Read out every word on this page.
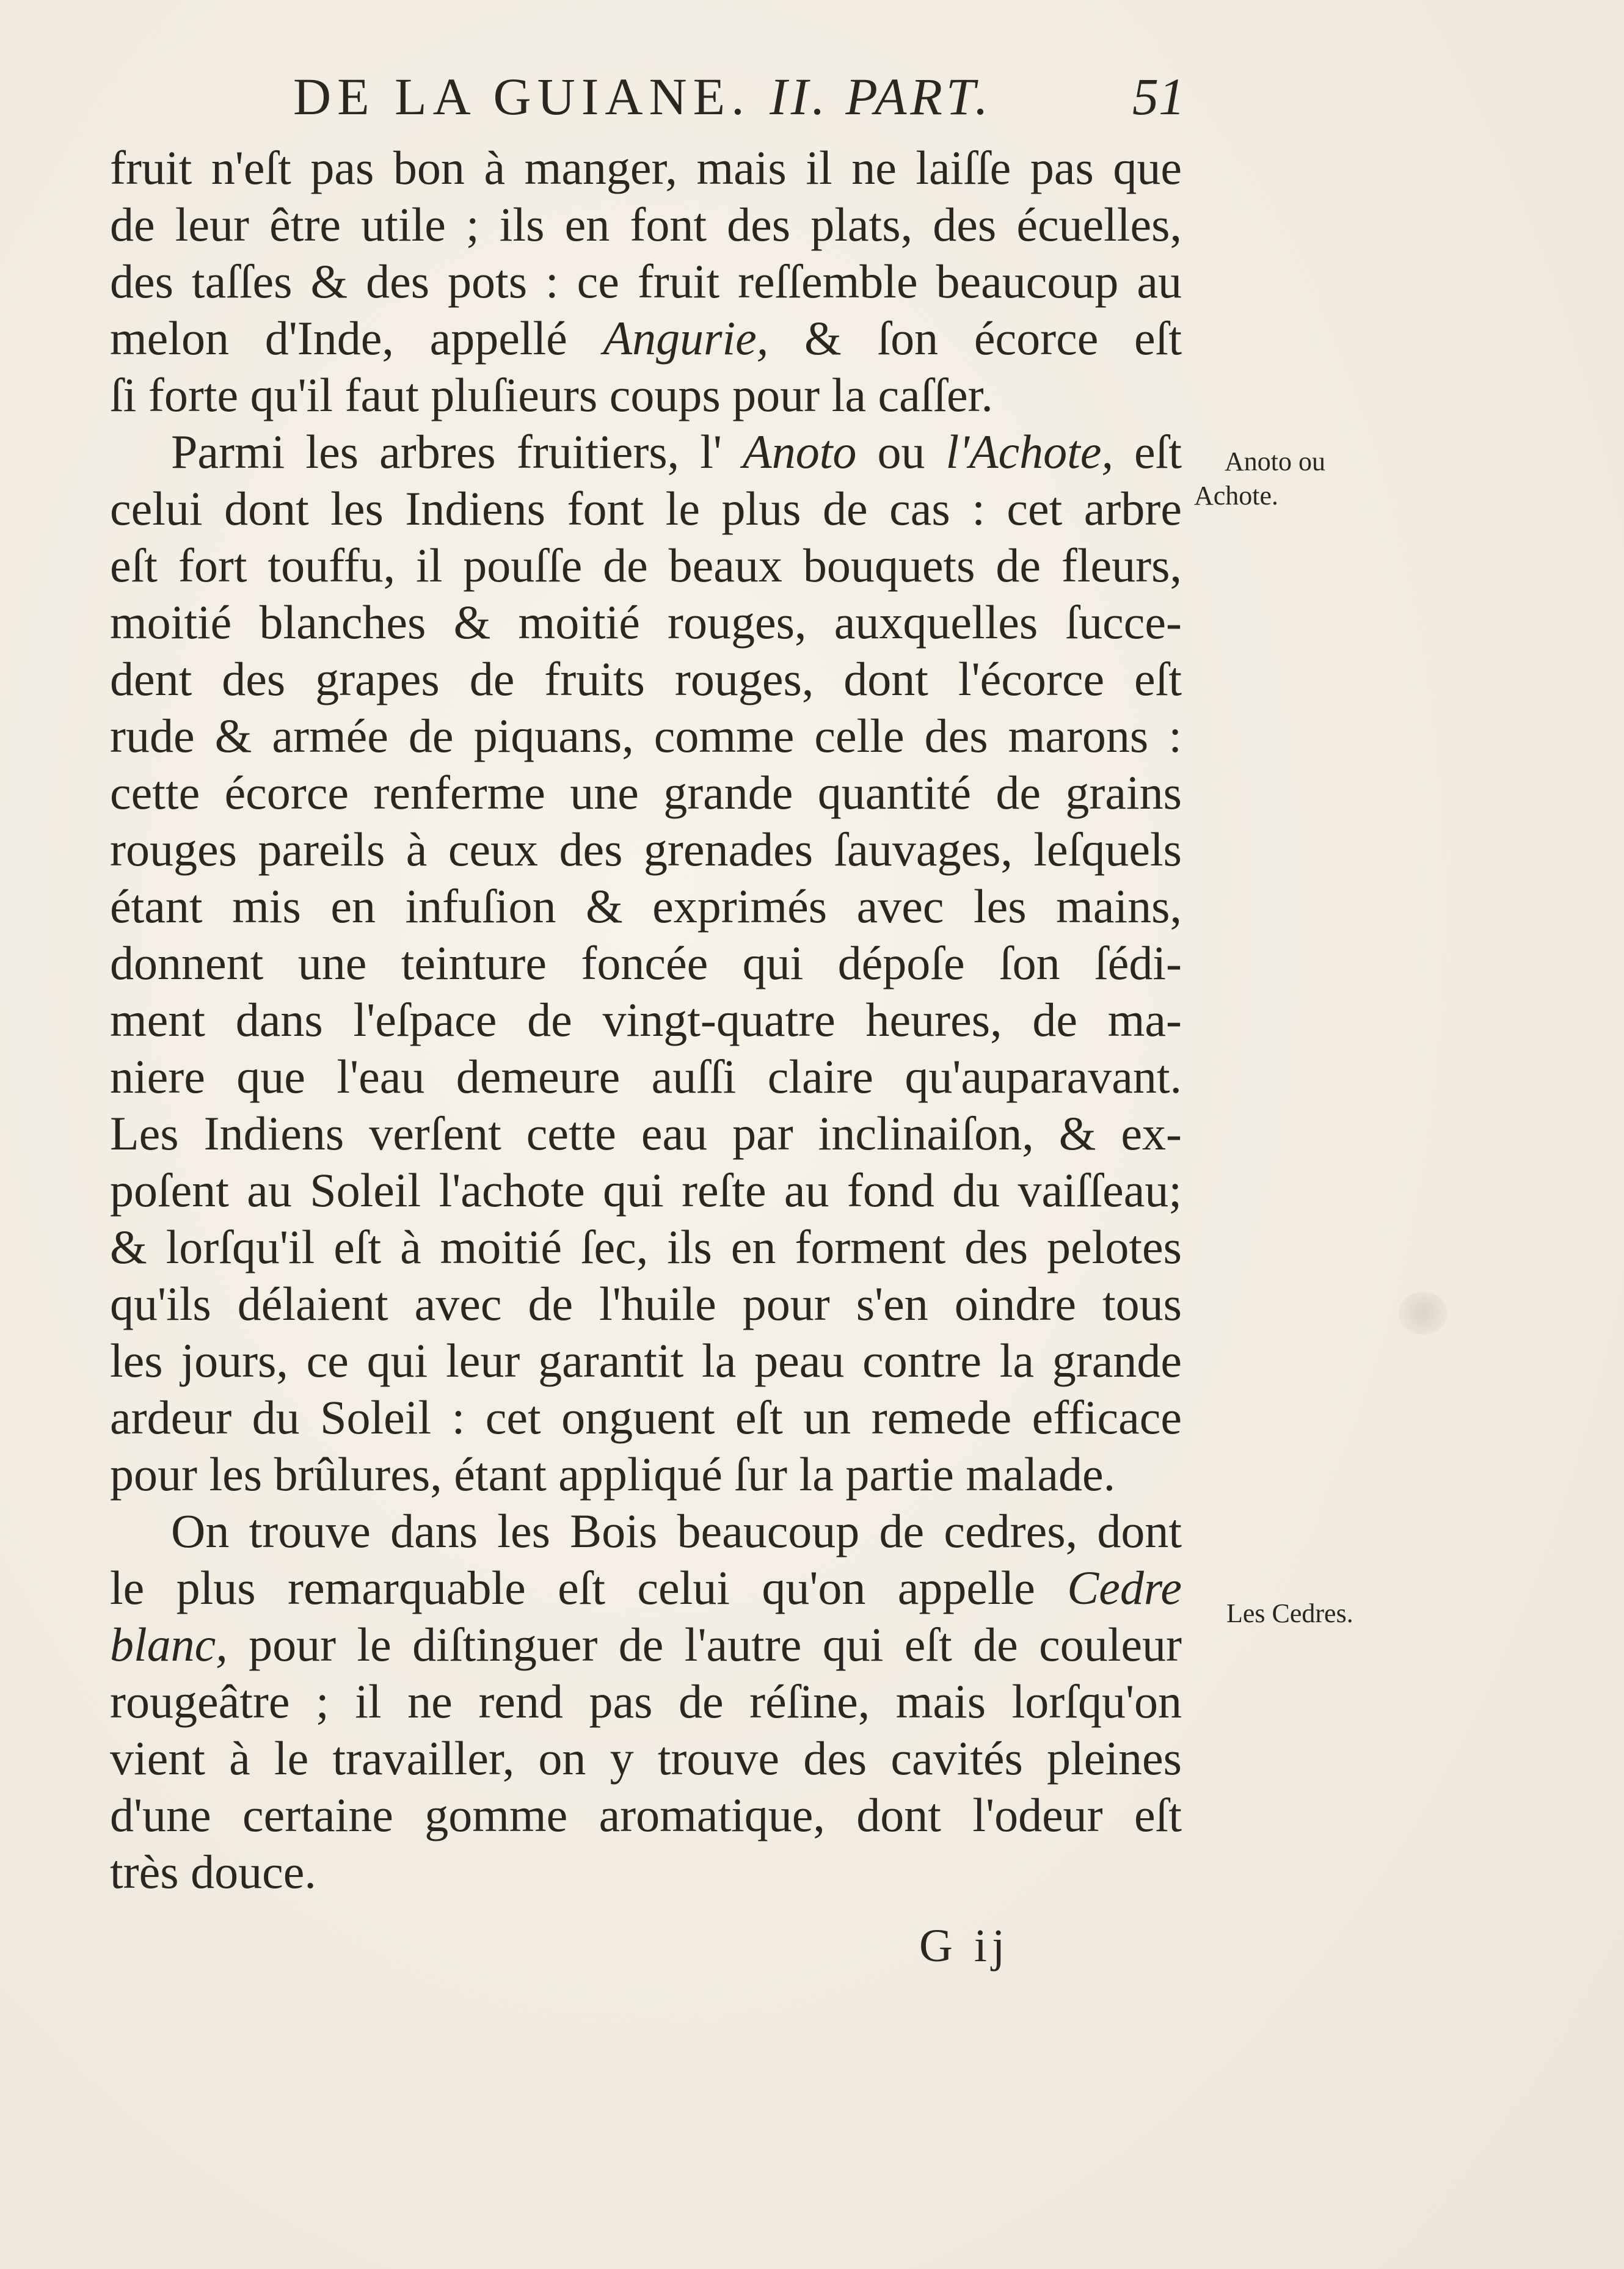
DE LA GUIANE. II. PART.	51
fruit n'eſt pas bon à manger, mais il ne laiſſe pas que
de leur être utile ; ils en font des plats, des écuelles,
des taſſes & des pots : ce fruit reſſemble beaucoup au
melon d'Inde, appellé Angurie, & ſon écorce eſt
ſi forte qu'il faut pluſieurs coups pour la caſſer.
Parmi les arbres fruitiers, l' Anoto ou l'Achote, eſt
celui dont les Indiens font le plus de cas : cet arbre
eſt fort touffu, il pouſſe de beaux bouquets de fleurs,
moitié blanches & moitié rouges, auxquelles ſucce-
dent des grapes de fruits rouges, dont l'écorce eſt
rude & armée de piquans, comme celle des marons :
cette écorce renferme une grande quantité de grains
rouges pareils à ceux des grenades ſauvages, leſquels
étant mis en infuſion & exprimés avec les mains,
donnent une teinture foncée qui dépoſe ſon ſédi-
ment dans l'eſpace de vingt-quatre heures, de ma-
niere que l'eau demeure auſſi claire qu'auparavant.
Les Indiens verſent cette eau par inclinaiſon, & ex-
poſent au Soleil l'achote qui reſte au fond du vaiſſeau;
& lorſqu'il eſt à moitié ſec, ils en forment des pelotes
qu'ils délaient avec de l'huile pour s'en oindre tous
les jours, ce qui leur garantit la peau contre la grande
ardeur du Soleil : cet onguent eſt un remede efficace
pour les brûlures, étant appliqué ſur la partie malade.
On trouve dans les Bois beaucoup de cedres, dont
le plus remarquable eſt celui qu'on appelle Cedre
blanc, pour le diſtinguer de l'autre qui eſt de couleur
rougeâtre ; il ne rend pas de réſine, mais lorſqu'on
vient à le travailler, on y trouve des cavités pleines
d'une certaine gomme aromatique, dont l'odeur eſt
très douce.
G ij
Anoto ou
Achote.
Les Cedres.
